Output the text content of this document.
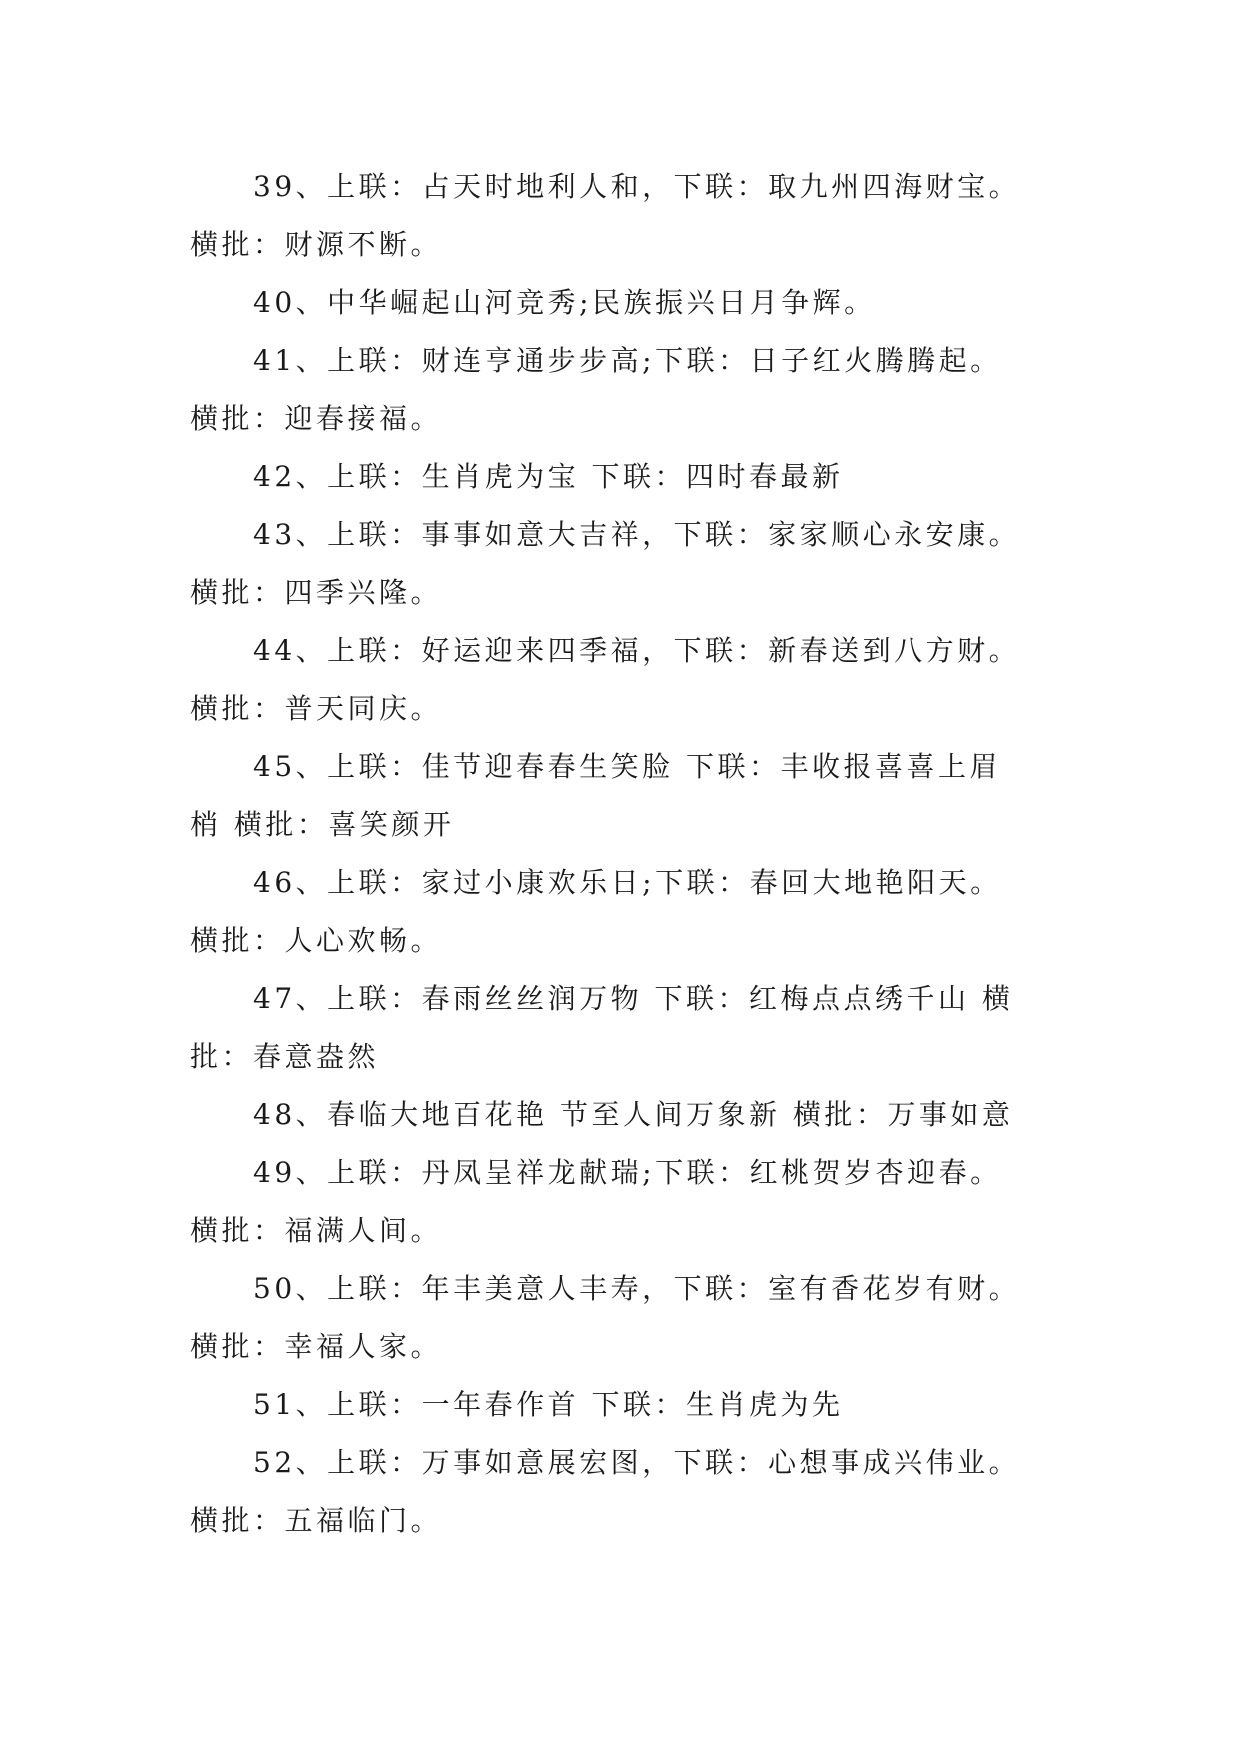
39、上联：占天时地利人和，下联：取九州四海财宝。
横批：财源不断。
40、中华崛起山河竞秀;民族振兴日月争辉。
41、上联：财连亨通步步高;下联：日子红火腾腾起。
横批：迎春接福。
42、上联：生肖虎为宝 下联：四时春最新
43、上联：事事如意大吉祥，下联：家家顺心永安康。
横批：四季兴隆。
44、上联：好运迎来四季福，下联：新春送到八方财。
横批：普天同庆。
45、上联：佳节迎春春生笑脸 下联：丰收报喜喜上眉
梢 横批：喜笑颜开
46、上联：家过小康欢乐日;下联：春回大地艳阳天。
横批：人心欢畅。
47、上联：春雨丝丝润万物 下联：红梅点点绣千山 横
批：春意盎然
48、春临大地百花艳 节至人间万象新 横批：万事如意
49、上联：丹凤呈祥龙献瑞;下联：红桃贺岁杏迎春。
横批：福满人间。
50、上联：年丰美意人丰寿，下联：室有香花岁有财。
横批：幸福人家。
51、上联：一年春作首 下联：生肖虎为先
52、上联：万事如意展宏图，下联：心想事成兴伟业。
横批：五福临门。
